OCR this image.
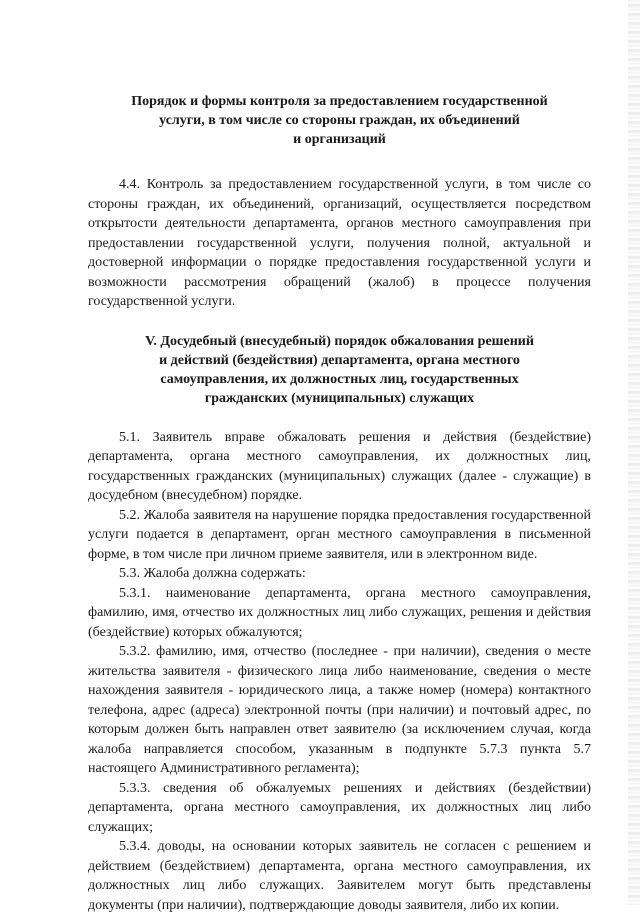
Порядок и формы контроля за предоставлением государственной
услуги, в том числе со стороны граждан, их объединений
и организаций

4.4. Контроль за предоставлением государственной услуги, в том числе со стороны граждан, их объединений, организаций, осуществляется посредством открытости деятельности департамента, органов местного самоуправления при предоставлении государственной услуги, получения полной, актуальной и достоверной информации о порядке предоставления государственной услуги и возможности рассмотрения обращений (жалоб) в процессе получения государственной услуги.

V. Досудебный (внесудебный) порядок обжалования решений
и действий (бездействия) департамента, органа местного
самоуправления, их должностных лиц, государственных
гражданских (муниципальных) служащих

5.1. Заявитель вправе обжаловать решения и действия (бездействие) департамента, органа местного самоуправления, их должностных лиц, государственных гражданских (муниципальных) служащих (далее - служащие) в досудебном (внесудебном) порядке.

5.2. Жалоба заявителя на нарушение порядка предоставления государственной услуги подается в департамент, орган местного самоуправления в письменной форме, в том числе при личном приеме заявителя, или в электронном виде.

5.3. Жалоба должна содержать:

5.3.1. наименование департамента, органа местного самоуправления, фамилию, имя, отчество их должностных лиц либо служащих, решения и действия (бездействие) которых обжалуются;

5.3.2. фамилию, имя, отчество (последнее - при наличии), сведения о месте жительства заявителя - физического лица либо наименование, сведения о месте нахождения заявителя - юридического лица, а также номер (номера) контактного телефона, адрес (адреса) электронной почты (при наличии) и почтовый адрес, по которым должен быть направлен ответ заявителю (за исключением случая, когда жалоба направляется способом, указанным в подпункте 5.7.3 пункта 5.7 настоящего Административного регламента);

5.3.3. сведения об обжалуемых решениях и действиях (бездействии) департамента, органа местного самоуправления, их должностных лиц либо служащих;

5.3.4. доводы, на основании которых заявитель не согласен с решением и действием (бездействием) департамента, органа местного самоуправления, их должностных лиц либо служащих. Заявителем могут быть представлены документы (при наличии), подтверждающие доводы заявителя, либо их копии.
